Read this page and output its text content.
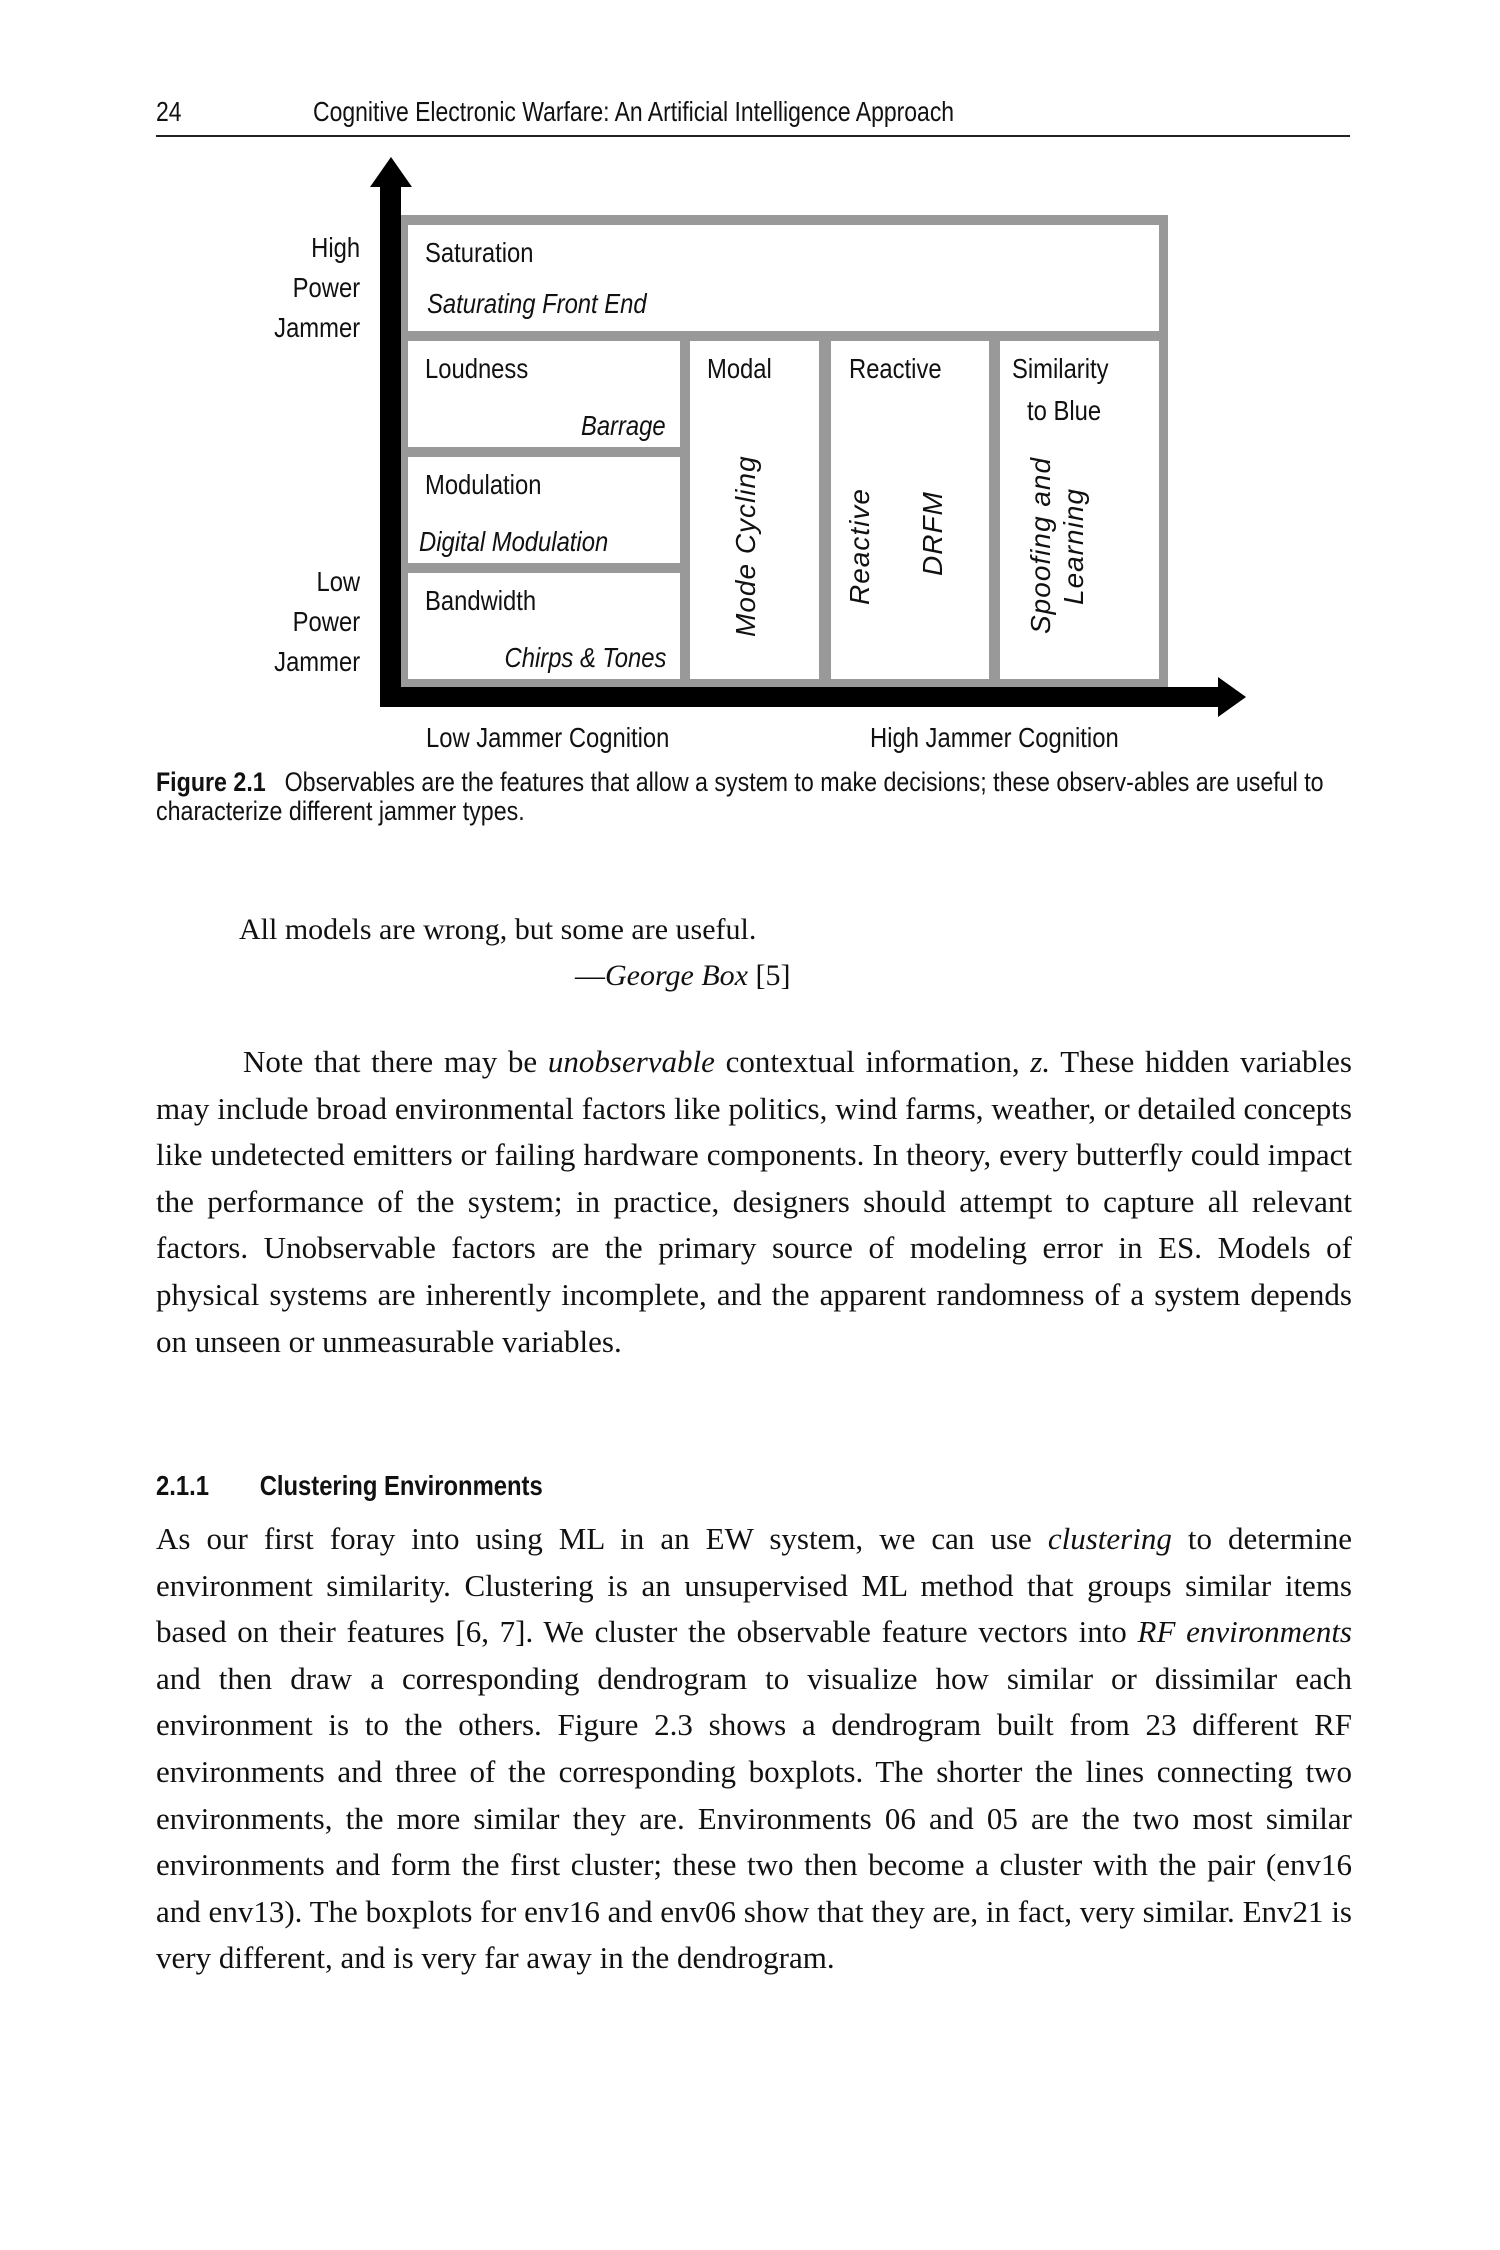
24	Cognitive Electronic Warfare: An Artificial Intelligence Approach
High
Power
Jammer
Low
Power
Jammer
Saturation
Saturating Front End
Loudness
Barrage
Modulation
Digital Modulation
Bandwidth
Chirps & Tones
Modal
Mode Cycling
Reactive
Reactive DRFM
Similarity
to Blue
Spoofing and Learning
Low Jammer Cognition	High Jammer Cognition
Figure 2.1 Observables are the features that allow a system to make decisions; these observ-ables are useful to characterize different jammer types.
All models are wrong, but some are useful.
—George Box [5]

Note that there may be unobservable contextual information, z. These hidden variables may include broad environmental factors like politics, wind farms, weather, or detailed concepts like undetected emitters or failing hardware components. In theory, every butterfly could impact the performance of the system; in practice, designers should attempt to capture all relevant factors. Unobservable factors are the primary source of modeling error in ES. Models of physical systems are inherently incomplete, and the apparent randomness of a system depends on unseen or unmeasurable variables.

2.1.1 Clustering Environments

As our first foray into using ML in an EW system, we can use clustering to determine environment similarity. Clustering is an unsupervised ML method that groups similar items based on their features [6, 7]. We cluster the observable feature vectors into RF environments and then draw a corresponding dendrogram to visualize how similar or dissimilar each environment is to the others. Figure 2.3 shows a dendrogram built from 23 different RF environments and three of the corresponding boxplots. The shorter the lines connecting two environments, the more similar they are. Environments 06 and 05 are the two most similar environments and form the first cluster; these two then become a cluster with the pair (env16 and env13). The boxplots for env16 and env06 show that they are, in fact, very similar. Env21 is very different, and is very far away in the dendrogram.
